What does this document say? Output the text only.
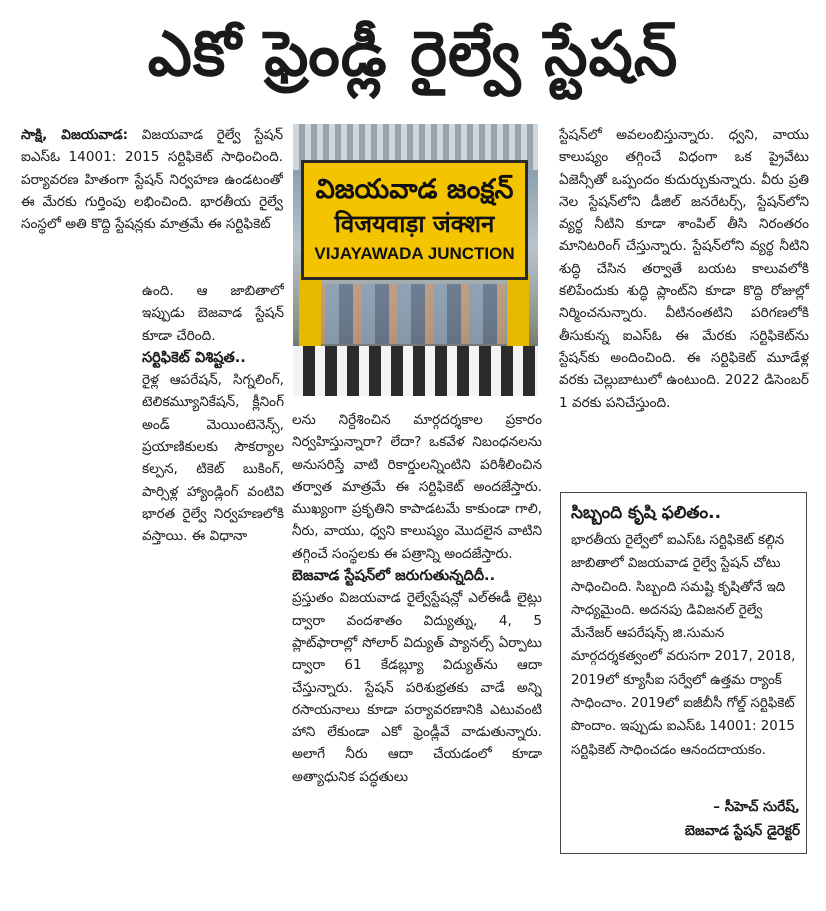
ఎకో ఫ్రెండ్లీ రైల్వే స్టేషన్

సాక్షి, విజయవాడ: విజయవాడ రైల్వే స్టేషన్ ఐఎస్ఓ 14001: 2015 సర్టిఫికెట్ సాధించింది. పర్యావరణ హితంగా స్టేషన్ నిర్వహణ ఉండటంతో ఈ మేరకు గుర్తింపు లభించింది. భారతీయ రైల్వే సంస్థలో అతి కొద్ది స్టేషన్లకు మాత్రమే ఈ సర్టిఫికెట్

ఉంది. ఆ జాబితాలో ఇప్పుడు బెజవాడ స్టేషన్ కూడా చేరింది.

సర్టిఫికెట్ విశిష్టత..

రైళ్ల ఆపరేషన్, సిగ్నలింగ్, టెలికమ్యూనికేషన్, క్లీనింగ్ అండ్ మెయింటెనెన్స్, ప్రయాణికులకు సౌకర్యాల కల్పన, టికెట్ బుకింగ్, పార్సిళ్ల హ్యాండ్లింగ్ వంటివి భారత రైల్వే నిర్వహణలోకి వస్తాయి. ఈ విధానా

విజయవాడ జంక్షన్
विजयवाड़ा जंक्शन
VIJAYAWADA JUNCTION

లను నిర్దేశించిన మార్గదర్శకాల ప్రకారం నిర్వహిస్తున్నారా? లేదా? ఒకవేళ నిబంధనలను అనుసరిస్తే వాటి రికార్డులన్నింటిని పరిశీలించిన తర్వాత మాత్రమే ఈ సర్టిఫికెట్ అందజేస్తారు. ముఖ్యంగా ప్రకృతిని కాపాడటమే కాకుండా గాలి, నీరు, వాయు, ధ్వని కాలుష్యం మొదలైన వాటిని తగ్గించే సంస్థలకు ఈ పత్రాన్ని అందజేస్తారు.

బెజవాడ స్టేషన్‌లో జరుగుతున్నదిదీ..

ప్రస్తుతం విజయవాడ రైల్వేస్టేషన్లో ఎల్ఈడీ లైట్లు ద్వారా వందశాతం విద్యుత్ను, 4, 5 ప్లాట్‌ఫారాల్లో సోలార్ విద్యుత్ ప్యానల్స్ ఏర్పాటు ద్వారా 61 కేడబ్ల్యూ విద్యుత్‌ను ఆదా చేస్తున్నారు. స్టేషన్ పరిశుభ్రతకు వాడే అన్ని రసాయనాలు కూడా పర్యావరణానికి ఎటువంటి హాని లేకుండా ఎకో ఫ్రెండ్లీవే వాడుతున్నారు. అలాగే నీరు ఆదా చేయడంలో కూడా అత్యాధునిక పద్ధతులు

స్టేషన్‌లో అవలంబిస్తున్నారు. ధ్వని, వాయు కాలుష్యం తగ్గించే విధంగా ఒక ప్రైవేటు ఏజెన్సీతో ఒప్పందం కుదుర్చుకున్నారు. వీరు ప్రతి నెల స్టేషన్‌లోని డీజిల్ జనరేటర్స్, స్టేషన్‌లోని వ్యర్థ నీటిని కూడా శాంపిల్ తీసి నిరంతరం మానిటరింగ్ చేస్తున్నారు. స్టేషన్‌లోని వ్యర్థ నీటిని శుద్ధి చేసిన తర్వాతే బయట కాలువలోకి కలిపేందుకు శుద్ధి ప్లాంట్‌ని కూడా కొద్ది రోజుల్లో నిర్మించనున్నారు. వీటినంతటిని పరిగణలోకి తీసుకున్న ఐఎస్ఓ ఈ మేరకు సర్టిఫికెట్‌ను స్టేషన్‌కు అందించింది. ఈ సర్టిఫికెట్ మూడేళ్ల వరకు చెల్లుబాటులో ఉంటుంది. 2022 డిసెంబర్ 1 వరకు పనిచేస్తుంది.

సిబ్బంది కృషి ఫలితం..
భారతీయ రైల్వేలో ఐఎస్ఓ సర్టిఫికెట్ కల్గిన జాబితాలో విజయవాడ రైల్వే స్టేషన్ చోటు సాధించింది. సిబ్బంది సమష్టి కృషితోనే ఇది సాధ్యమైంది. అదనపు డివిజనల్ రైల్వే మేనేజర్ ఆపరేషన్స్ జి.సుమన మార్గదర్శకత్వంలో వరుసగా 2017, 2018, 2019లో క్యూసీఐ సర్వేలో ఉత్తమ ర్యాంక్ సాధించాం. 2019లో ఐజీబీసీ గోల్డ్ సర్టిఫికెట్ పొందాం. ఇప్పుడు ఐఎస్ఓ 14001: 2015 సర్టిఫికెట్ సాధించడం ఆనందదాయకం.
– సీహెచ్ సురేష్,
బెజవాడ స్టేషన్ డైరెక్టర్
